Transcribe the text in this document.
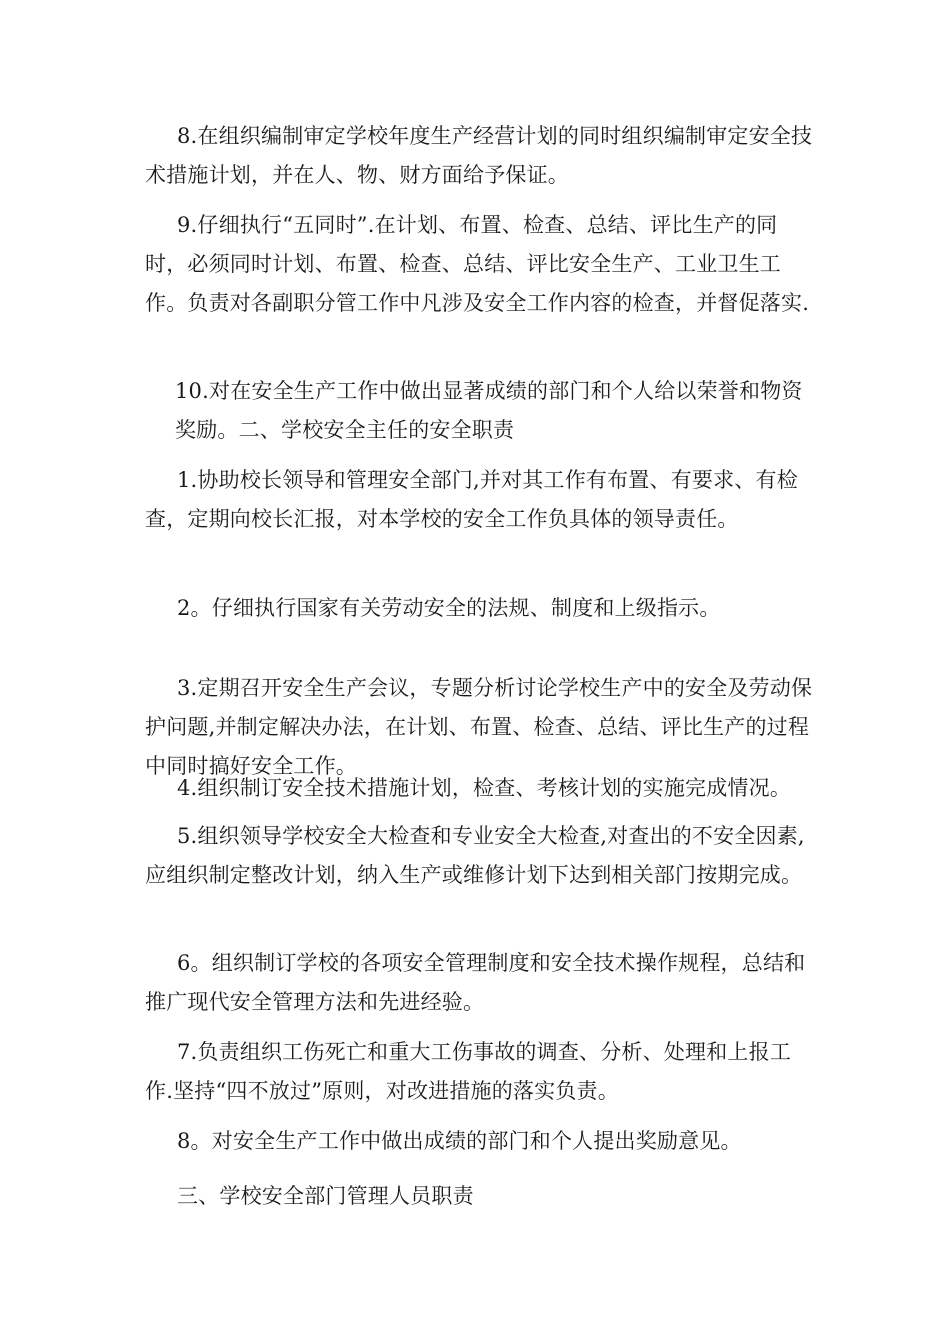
8.在组织编制审定学校年度生产经营计划的同时组织编制审定安全技术措施计划，并在人、物、财方面给予保证。

9.仔细执行“五同时”.在计划、布置、检查、总结、评比生产的同时，必须同时计划、布置、检查、总结、评比安全生产、工业卫生工作。负责对各副职分管工作中凡涉及安全工作内容的检查，并督促落实.

10.对在安全生产工作中做出显著成绩的部门和个人给以荣誉和物资奖励。二、学校安全主任的安全职责

1.协助校长领导和管理安全部门,并对其工作有布置、有要求、有检查，定期向校长汇报，对本学校的安全工作负具体的领导责任。

2。仔细执行国家有关劳动安全的法规、制度和上级指示。

3.定期召开安全生产会议，专题分析讨论学校生产中的安全及劳动保护问题,并制定解决办法，在计划、布置、检查、总结、评比生产的过程中同时搞好安全工作。

4.组织制订安全技术措施计划，检查、考核计划的实施完成情况。

5.组织领导学校安全大检查和专业安全大检查,对查出的不安全因素,应组织制定整改计划，纳入生产或维修计划下达到相关部门按期完成。

6。组织制订学校的各项安全管理制度和安全技术操作规程，总结和推广现代安全管理方法和先进经验。

7.负责组织工伤死亡和重大工伤事故的调查、分析、处理和上报工作.坚持“四不放过”原则，对改进措施的落实负责。

8。对安全生产工作中做出成绩的部门和个人提出奖励意见。

三、学校安全部门管理人员职责
